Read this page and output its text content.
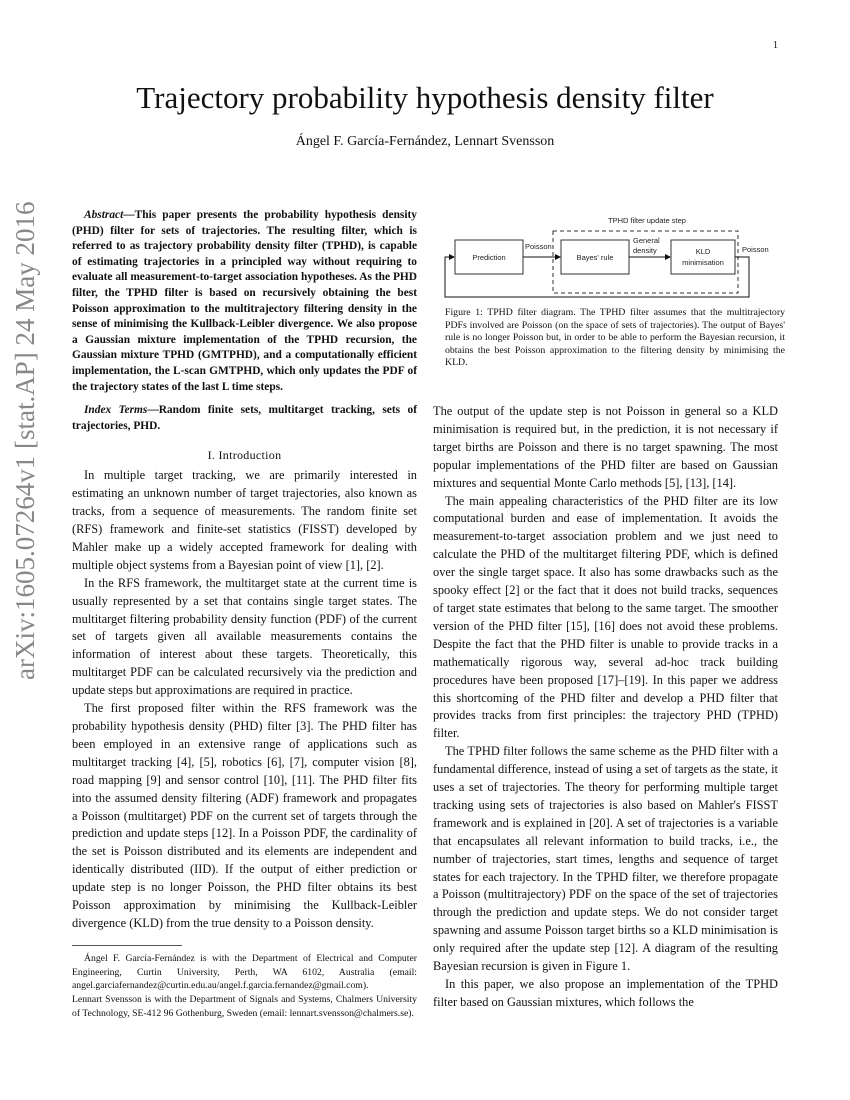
1
arXiv:1605.07264v1 [stat.AP] 24 May 2016
Trajectory probability hypothesis density filter
Ángel F. García-Fernández, Lennart Svensson

Abstract—This paper presents the probability hypothesis density (PHD) filter for sets of trajectories. The resulting filter, which is referred to as trajectory probability density filter (TPHD), is capable of estimating trajectories in a principled way without requiring to evaluate all measurement-to-target association hypotheses. As the PHD filter, the TPHD filter is based on recursively obtaining the best Poisson approximation to the multitrajectory filtering density in the sense of minimising the Kullback-Leibler divergence. We also propose a Gaussian mixture implementation of the TPHD recursion, the Gaussian mixture TPHD (GMTPHD), and a computationally efficient implementation, the L-scan GMTPHD, which only updates the PDF of the trajectory states of the last L time steps.

Index Terms—Random finite sets, multitarget tracking, sets of trajectories, PHD.

I. Introduction

In multiple target tracking, we are primarily interested in estimating an unknown number of target trajectories, also known as tracks, from a sequence of measurements. The random finite set (RFS) framework and finite-set statistics (FISST) developed by Mahler make up a widely accepted framework for dealing with multiple object systems from a Bayesian point of view [1], [2].

In the RFS framework, the multitarget state at the current time is usually represented by a set that contains single target states. The multitarget filtering probability density function (PDF) of the current set of targets given all available measurements contains the information of interest about these targets. Theoretically, this multitarget PDF can be calculated recursively via the prediction and update steps but approximations are required in practice.

The first proposed filter within the RFS framework was the probability hypothesis density (PHD) filter [3]. The PHD filter has been employed in an extensive range of applications such as multitarget tracking [4], [5], robotics [6], [7], computer vision [8], road mapping [9] and sensor control [10], [11]. The PHD filter fits into the assumed density filtering (ADF) framework and propagates a Poisson (multitarget) PDF on the current set of targets through the prediction and update steps [12]. In a Poisson PDF, the cardinality of the set is Poisson distributed and its elements are independent and identically distributed (IID). If the output of either prediction or update step is no longer Poisson, the PHD filter obtains its best Poisson approximation by minimising the Kullback-Leibler divergence (KLD) from the true density to a Poisson density.

Ángel F. García-Fernández is with the Department of Electrical and Computer Engineering, Curtin University, Perth, WA 6102, Australia (email: angel.garciafernandez@curtin.edu.au/angel.f.garcia.fernandez@gmail.com).

Lennart Svensson is with the Department of Signals and Systems, Chalmers University of Technology, SE-412 96 Gothenburg, Sweden (email: lennart.svensson@chalmers.se).

TPHD filter update step
Prediction	Bayes' rule
KLD
minimisation
Poisson
General
density	Poisson
Figure 1: TPHD filter diagram. The TPHD filter assumes that the multitrajectory PDFs involved are Poisson (on the space of sets of trajectories). The output of Bayes' rule is no longer Poisson but, in order to be able to perform the Bayesian recursion, it obtains the best Poisson approximation to the filtering density by minimising the KLD.

The output of the update step is not Poisson in general so a KLD minimisation is required but, in the prediction, it is not necessary if target births are Poisson and there is no target spawning. The most popular implementations of the PHD filter are based on Gaussian mixtures and sequential Monte Carlo methods [5], [13], [14].

The main appealing characteristics of the PHD filter are its low computational burden and ease of implementation. It avoids the measurement-to-target association problem and we just need to calculate the PHD of the multitarget filtering PDF, which is defined over the single target space. It also has some drawbacks such as the spooky effect [2] or the fact that it does not build tracks, sequences of target state estimates that belong to the same target. The smoother version of the PHD filter [15], [16] does not avoid these problems. Despite the fact that the PHD filter is unable to provide tracks in a mathematically rigorous way, several ad-hoc track building procedures have been proposed [17]–[19]. In this paper we address this shortcoming of the PHD filter and develop a PHD filter that provides tracks from first principles: the trajectory PHD (TPHD) filter.

The TPHD filter follows the same scheme as the PHD filter with a fundamental difference, instead of using a set of targets as the state, it uses a set of trajectories. The theory for performing multiple target tracking using sets of trajectories is also based on Mahler's FISST framework and is explained in [20]. A set of trajectories is a variable that encapsulates all relevant information to build tracks, i.e., the number of trajectories, start times, lengths and sequence of target states for each trajectory. In the TPHD filter, we therefore propagate a Poisson (multitrajectory) PDF on the space of the set of trajectories through the prediction and update steps. We do not consider target spawning and assume Poisson target births so a KLD minimisation is only required after the update step [12]. A diagram of the resulting Bayesian recursion is given in Figure 1.

In this paper, we also propose an implementation of the TPHD filter based on Gaussian mixtures, which follows the
